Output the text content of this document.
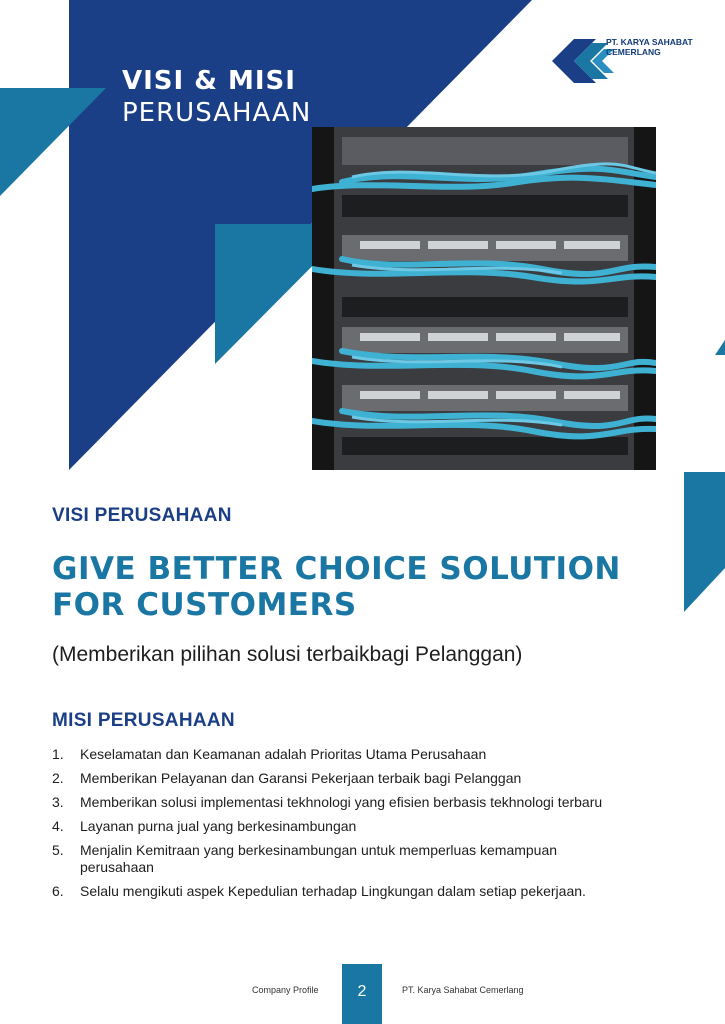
VISI & MISI
PERUSAHAAN
PT. KARYA SAHABAT CEMERLANG
VISI PERUSAHAAN
GIVE BETTER CHOICE SOLUTION
FOR CUSTOMERS
(Memberikan pilihan solusi terbaikbagi Pelanggan)
MISI PERUSAHAAN
1.	Keselamatan dan Keamanan adalah Prioritas Utama Perusahaan
2.	Memberikan Pelayanan dan Garansi Pekerjaan terbaik bagi Pelanggan
3.	Memberikan solusi implementasi tekhnologi yang efisien berbasis tekhnologi terbaru
4.	Layanan purna jual yang berkesinambungan
5.	Menjalin Kemitraan yang berkesinambungan untuk memperluas kemampuan perusahaan
6.	Selalu mengikuti aspek Kepedulian terhadap Lingkungan dalam setiap pekerjaan.
Company Profile	2	PT. Karya Sahabat Cemerlang
